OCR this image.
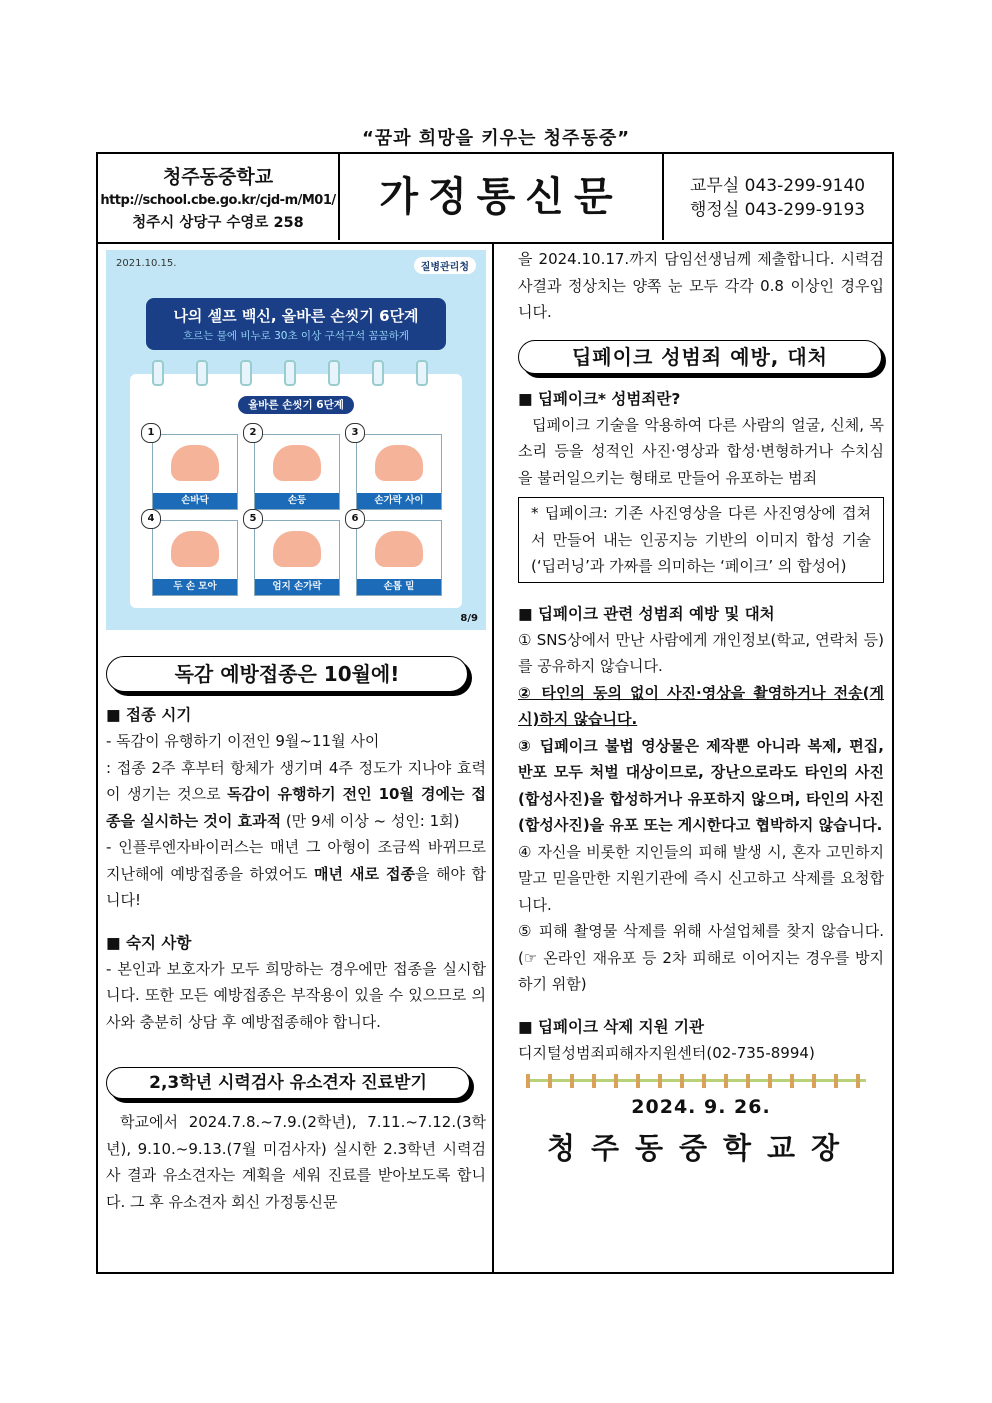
“꿈과 희망을 키우는 청주동중”
청주동중학교
http://school.cbe.go.kr/cjd-m/M01/
청주시 상당구 수영로 258
가정통신문	교무실 043-299-9140
행정실 043-299-9193
2021.10.15.	질병관리청
나의 셀프 백신, 올바른 손씻기 6단계
흐르는 물에 비누로 30초 이상 구석구석 꼼꼼하게
올바른 손씻기 6단계
1
손바닥
2
손등
3
손가락 사이
4
두 손 모아
5
엄지 손가락
6
손톱 밑
8/9
독감 예방접종은 10월에!

■ 접종 시기

- 독감이 유행하기 이전인 9월~11월 사이

: 접종 2주 후부터 항체가 생기며 4주 정도가 지나야 효력이 생기는 것으로 독감이 유행하기 전인 10월 경에는 접종을 실시하는 것이 효과적 (만 9세 이상 ~ 성인: 1회)

- 인플루엔자바이러스는 매년 그 아형이 조금씩 바뀌므로 지난해에 예방접종을 하였어도 매년 새로 접종을 해야 합니다!

■ 숙지 사항

- 본인과 보호자가 모두 희망하는 경우에만 접종을 실시합니다. 또한 모든 예방접종은 부작용이 있을 수 있으므로 의사와 충분히 상담 후 예방접종해야 합니다.

2,3학년 시력검사 유소견자 진료받기

학교에서 2024.7.8.~7.9.(2학년), 7.11.~7.12.(3학년), 9.10.~9.13.(7월 미검사자) 실시한 2.3학년 시력검사 결과 유소견자는 계획을 세워 진료를 받아보도록 합니다. 그 후 유소견자 회신 가정통신문

을 2024.10.17.까지 담임선생님께 제출합니다. 시력검사결과 정상치는 양쪽 눈 모두 각각 0.8 이상인 경우입니다.

딥페이크 성범죄 예방, 대처

■ 딥페이크* 성범죄란?

딥페이크 기술을 악용하여 다른 사람의 얼굴, 신체, 목소리 등을 성적인 사진·영상과 합성·변형하거나 수치심을 불러일으키는 형태로 만들어 유포하는 범죄

* 딥페이크: 기존 사진영상을 다른 사진영상에 겹쳐서 만들어 내는 인공지능 기반의 이미지 합성 기술 (‘딥러닝’과 가짜를 의미하는 ‘페이크’ 의 합성어)

■ 딥페이크 관련 성범죄 예방 및 대처

① SNS상에서 만난 사람에게 개인정보(학교, 연락처 등)를 공유하지 않습니다.

② 타인의 동의 없이 사진·영상을 촬영하거나 전송(게시)하지 않습니다.

③ 딥페이크 불법 영상물은 제작뿐 아니라 복제, 편집, 반포 모두 처벌 대상이므로, 장난으로라도 타인의 사진(합성사진)을 합성하거나 유포하지 않으며, 타인의 사진(합성사진)을 유포 또는 게시한다고 협박하지 않습니다.

④ 자신을 비롯한 지인들의 피해 발생 시, 혼자 고민하지 말고 믿을만한 지원기관에 즉시 신고하고 삭제를 요청합니다.

⑤ 피해 촬영물 삭제를 위해 사설업체를 찾지 않습니다. (☞ 온라인 재유포 등 2차 피해로 이어지는 경우를 방지하기 위함)

■ 딥페이크 삭제 지원 기관

디지털성범죄피해자지원센터(02-735-8994)

2024. 9. 26.
청주동중학교장
